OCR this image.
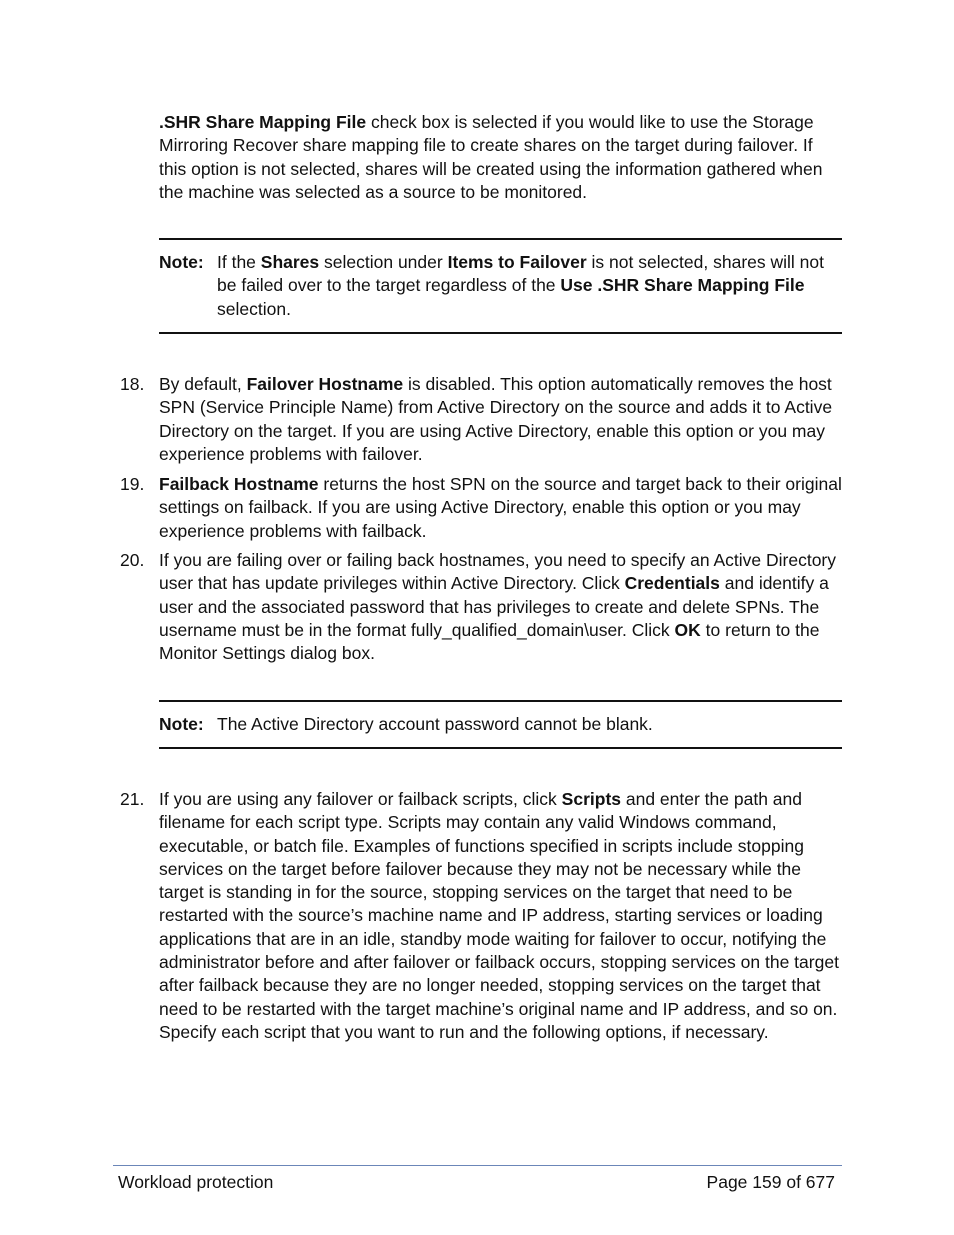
.SHR Share Mapping File check box is selected if you would like to use the Storage Mirroring Recover share mapping file to create shares on the target during failover. If this option is not selected, shares will be created using the information gathered when the machine was selected as a source to be monitored.

Note: If the Shares selection under Items to Failover is not selected, shares will not be failed over to the target regardless of the Use .SHR Share Mapping File selection.
18. By default, Failover Hostname is disabled. This option automatically removes the host SPN (Service Principle Name) from Active Directory on the source and adds it to Active Directory on the target. If you are using Active Directory, enable this option or you may experience problems with failover.
19. Failback Hostname returns the host SPN on the source and target back to their original settings on failback. If you are using Active Directory, enable this option or you may experience problems with failback.
20. If you are failing over or failing back hostnames, you need to specify an Active Directory user that has update privileges within Active Directory. Click Credentials and identify a user and the associated password that has privileges to create and delete SPNs. The username must be in the format fully_qualified_domain\user. Click OK to return to the Monitor Settings dialog box.
Note: The Active Directory account password cannot be blank.
21. If you are using any failover or failback scripts, click Scripts and enter the path and filename for each script type. Scripts may contain any valid Windows command, executable, or batch file. Examples of functions specified in scripts include stopping services on the target before failover because they may not be necessary while the target is standing in for the source, stopping services on the target that need to be restarted with the source’s machine name and IP address, starting services or loading applications that are in an idle, standby mode waiting for failover to occur, notifying the administrator before and after failover or failback occurs, stopping services on the target after failback because they are no longer needed, stopping services on the target that need to be restarted with the target machine’s original name and IP address, and so on. Specify each script that you want to run and the following options, if necessary.
Workload protection	Page 159 of 677
